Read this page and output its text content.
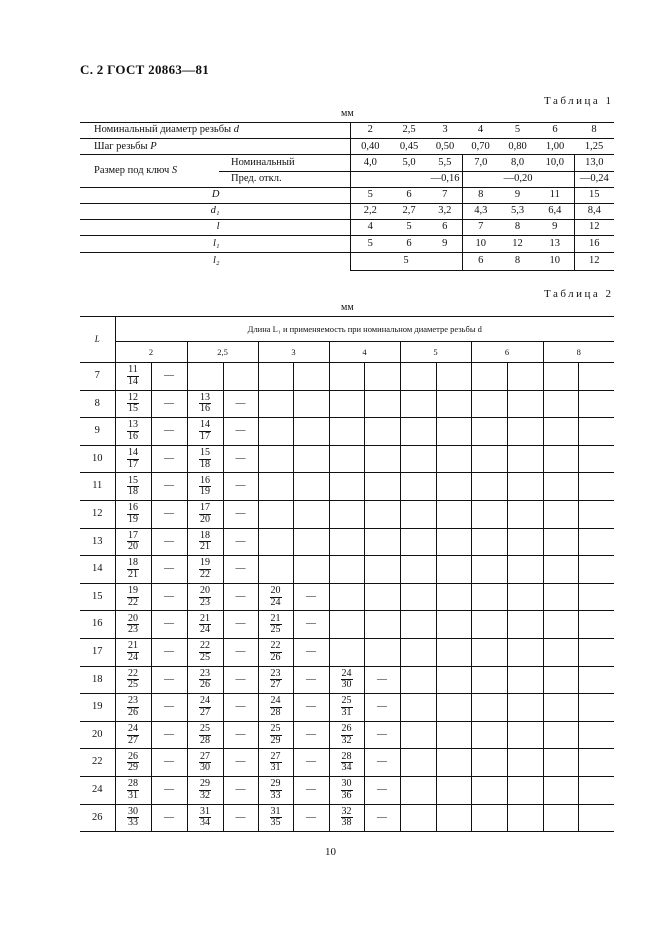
С. 2 ГОСТ 20863—81
Таблица 1
мм
Номинальный диаметр резьбы d		2	2,5	3	4	5	6	8
Шаг резьбы P		0,40	0,45	0,50	0,70	0,80	1,00	1,25
Размер под ключ S	Номинальный	4,0	5,0	5,5	7,0	8,0	10,0	13,0
	Пред. откл.	—0,16			—0,20			—0,24
D		5	6	7	8	9	11	15
d₁		2,2	2,7	3,2	4,3	5,3	6,4	8,4
l		4	5	6	7	8	9	12
l₁		5	6	9	10	12	13	16
l₂		5			6	8	10	12
Таблица 2
мм
L	Длина L₁ и применяемость при номинальном диаметре резьбы d													
	2		2,5		3		4		5		6		8	
7	$\frac{11}{14}$	—												
8	$\frac{12}{15}$	—	$\frac{13}{16}$	—										
9	$\frac{13}{16}$	—	$\frac{14}{17}$	—										
10	$\frac{14}{17}$	—	$\frac{15}{18}$	—										
11	$\frac{15}{18}$	—	$\frac{16}{19}$	—										
12	$\frac{16}{19}$	—	$\frac{17}{20}$	—										
13	$\frac{17}{20}$	—	$\frac{18}{21}$	—										
14	$\frac{18}{21}$	—	$\frac{19}{22}$	—										
15	$\frac{19}{22}$	—	$\frac{20}{23}$	—	$\frac{20}{24}$	—								
16	$\frac{20}{23}$	—	$\frac{21}{24}$	—	$\frac{21}{25}$	—								
17	$\frac{21}{24}$	—	$\frac{22}{25}$	—	$\frac{22}{26}$	—								
18	$\frac{22}{25}$	—	$\frac{23}{26}$	—	$\frac{23}{27}$	—	$\frac{24}{30}$	—						
19	$\frac{23}{26}$	—	$\frac{24}{27}$	—	$\frac{24}{28}$	—	$\frac{25}{31}$	—						
20	$\frac{24}{27}$	—	$\frac{25}{28}$	—	$\frac{25}{29}$	—	$\frac{26}{32}$	—						
22	$\frac{26}{29}$	—	$\frac{27}{30}$	—	$\frac{27}{31}$	—	$\frac{28}{34}$	—						
24	$\frac{28}{31}$	—	$\frac{29}{32}$	—	$\frac{29}{33}$	—	$\frac{30}{36}$	—						
26	$\frac{30}{33}$	—	$\frac{31}{34}$	—	$\frac{31}{35}$	—	$\frac{32}{38}$	—						
10
